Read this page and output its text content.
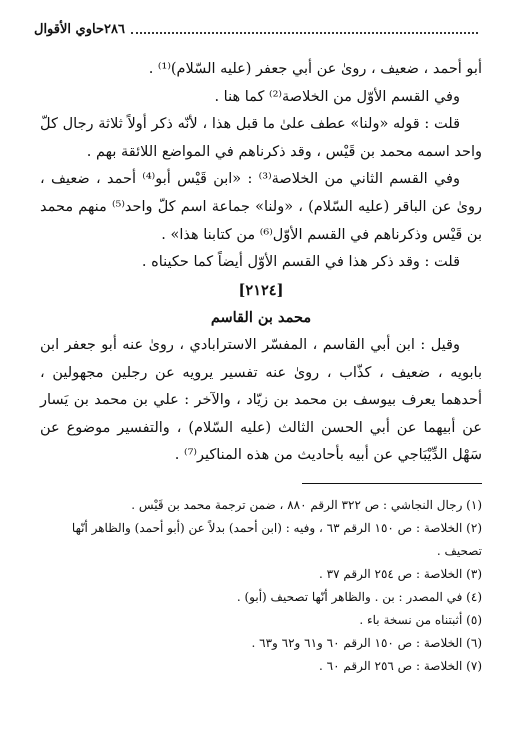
حاوي الأقوال ٢٨٦

أبو أحمد ، ضعيف ، روىٰ عن أبي جعفر (عليه السّلام)⁽¹⁾ .

وفي القسم الأوّل من الخلاصة⁽²⁾ كما هنا .

قلت : قوله «ولنا» عطف علىٰ ما قبل هذا ، لأنّه ذكر أولاً ثلاثة رجال كلّ واحد اسمه محمد بن قَيْس ، وقد ذكرناهم في المواضع اللائقة بهم .

وفي القسم الثاني من الخلاصة⁽³⁾ : «ابن قَيْس أبو⁽⁴⁾ أحمد ، ضعيف ، روىٰ عن الباقر (عليه السّلام) ، «ولنا» جماعة اسم كلّ واحد⁽⁵⁾ منهم محمد بن قَيْس وذكرناهم في القسم الأوّل⁽⁶⁾ من كتابنا هذا» .

قلت : وقد ذكر هذا في القسم الأوّل أيضاً كما حكيناه .

[٢١٢٤]

محمد بن القاسم

وقيل : ابن أبي القاسم ، المفسّر الاسترابادي ، روىٰ عنه أبو جعفر ابن بابويه ، ضعيف ، كذّاب ، روىٰ عنه تفسير يرويه عن رجلين مجهولين ، أحدهما يعرف بيوسف بن محمد بن زيّاد ، والآخر : علي بن محمد بن يَسار عن أبيهما عن أبي الحسن الثالث (عليه السّلام) ، والتفسير موضوع عن سَهْل الدِّيْبَاجي عن أبيه بأحاديث من هذه المناكير⁽⁷⁾ .

(١) رجال النجاشي : ص ٣٢٢ الرقم ٨٨٠ ، ضمن ترجمة محمد بن قَيْس .

(٢) الخلاصة : ص ١٥٠ الرقم ٦٣ ، وفيه : (ابن أحمد) بدلاً عن (أبو أحمد) والظاهر أنّها تصحيف .

(٣) الخلاصة : ص ٢٥٤ الرقم ٣٧ .

(٤) في المصدر : بن . والظاهر أنّها تصحيف (أبو) .

(٥) أثبتناه من نسخة باء .

(٦) الخلاصة : ص ١٥٠ الرقم ٦٠ و٦١ و٦٢ و٦٣ .

(٧) الخلاصة : ص ٢٥٦ الرقم ٦٠ .
